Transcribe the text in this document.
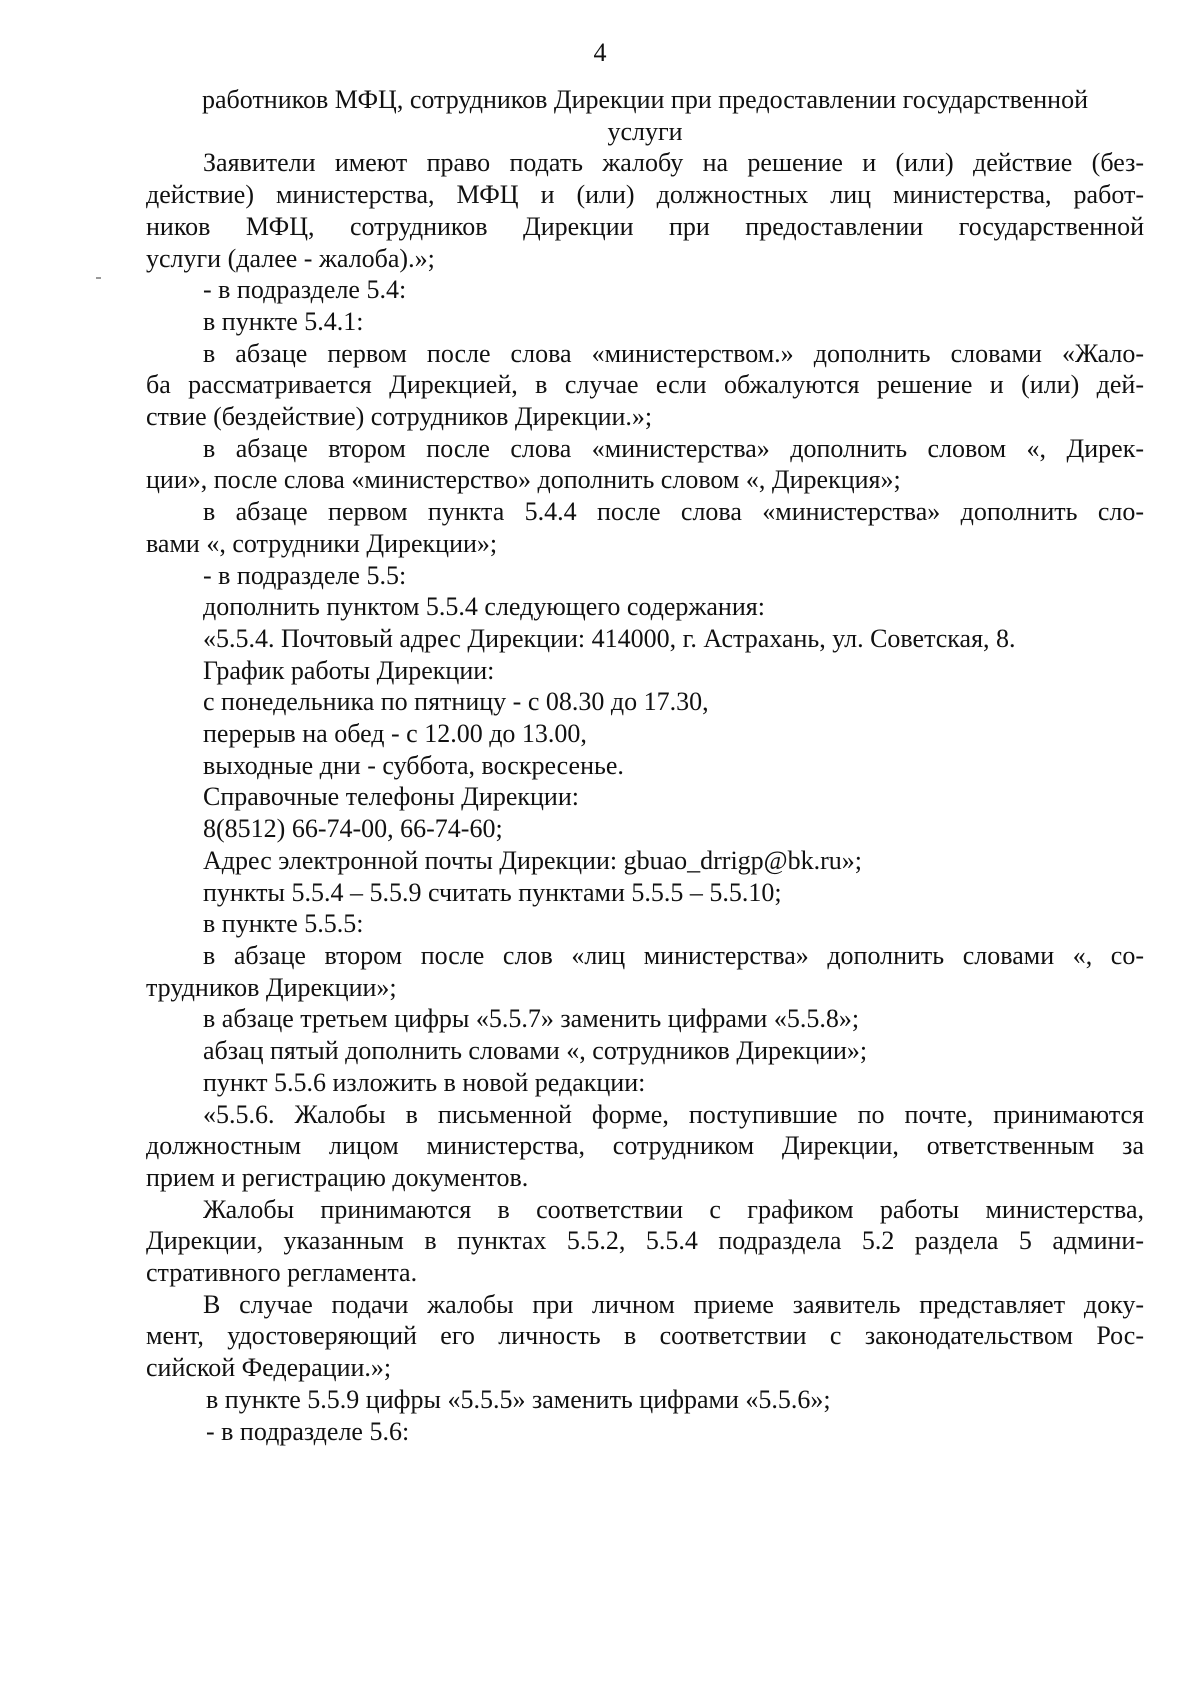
4
работников МФЦ, сотрудников Дирекции при предоставлении государственной
услуги
Заявители имеют право подать жалобу на решение и (или) действие (без-
действие) министерства, МФЦ и (или) должностных лиц министерства, работ-
ников МФЦ, сотрудников Дирекции при предоставлении государственной
услуги (далее - жалоба).»;
- в подразделе 5.4:
в пункте 5.4.1:
в абзаце первом после слова «министерством.» дополнить словами «Жало-
ба рассматривается Дирекцией, в случае если обжалуются решение и (или) дей-
ствие (бездействие) сотрудников Дирекции.»;
в абзаце втором после слова «министерства» дополнить словом «, Дирек-
ции», после слова «министерство» дополнить словом «, Дирекция»;
в абзаце первом пункта 5.4.4 после слова «министерства» дополнить сло-
вами «, сотрудники Дирекции»;
- в подразделе 5.5:
дополнить пунктом 5.5.4 следующего содержания:
«5.5.4. Почтовый адрес Дирекции: 414000, г. Астрахань, ул. Советская, 8.
График работы Дирекции:
с понедельника по пятницу - с 08.30 до 17.30,
перерыв на обед - с 12.00 до 13.00,
выходные дни - суббота, воскресенье.
Справочные телефоны Дирекции:
8(8512) 66-74-00, 66-74-60;
Адрес электронной почты Дирекции: gbuao_drrigp@bk.ru»;
пункты 5.5.4 – 5.5.9 считать пунктами 5.5.5 – 5.5.10;
в пункте 5.5.5:
в абзаце втором после слов «лиц министерства» дополнить словами «, со-
трудников Дирекции»;
в абзаце третьем цифры «5.5.7» заменить цифрами «5.5.8»;
абзац пятый дополнить словами «, сотрудников Дирекции»;
пункт 5.5.6 изложить в новой редакции:
«5.5.6. Жалобы в письменной форме, поступившие по почте, принимаются
должностным лицом министерства, сотрудником Дирекции, ответственным за
прием и регистрацию документов.
Жалобы принимаются в соответствии с графиком работы министерства,
Дирекции, указанным в пунктах 5.5.2, 5.5.4 подраздела 5.2 раздела 5 админи-
стративного регламента.
В случае подачи жалобы при личном приеме заявитель представляет доку-
мент, удостоверяющий его личность в соответствии с законодательством Рос-
сийской Федерации.»;
в пункте 5.5.9 цифры «5.5.5» заменить цифрами «5.5.6»;
- в подразделе 5.6:
